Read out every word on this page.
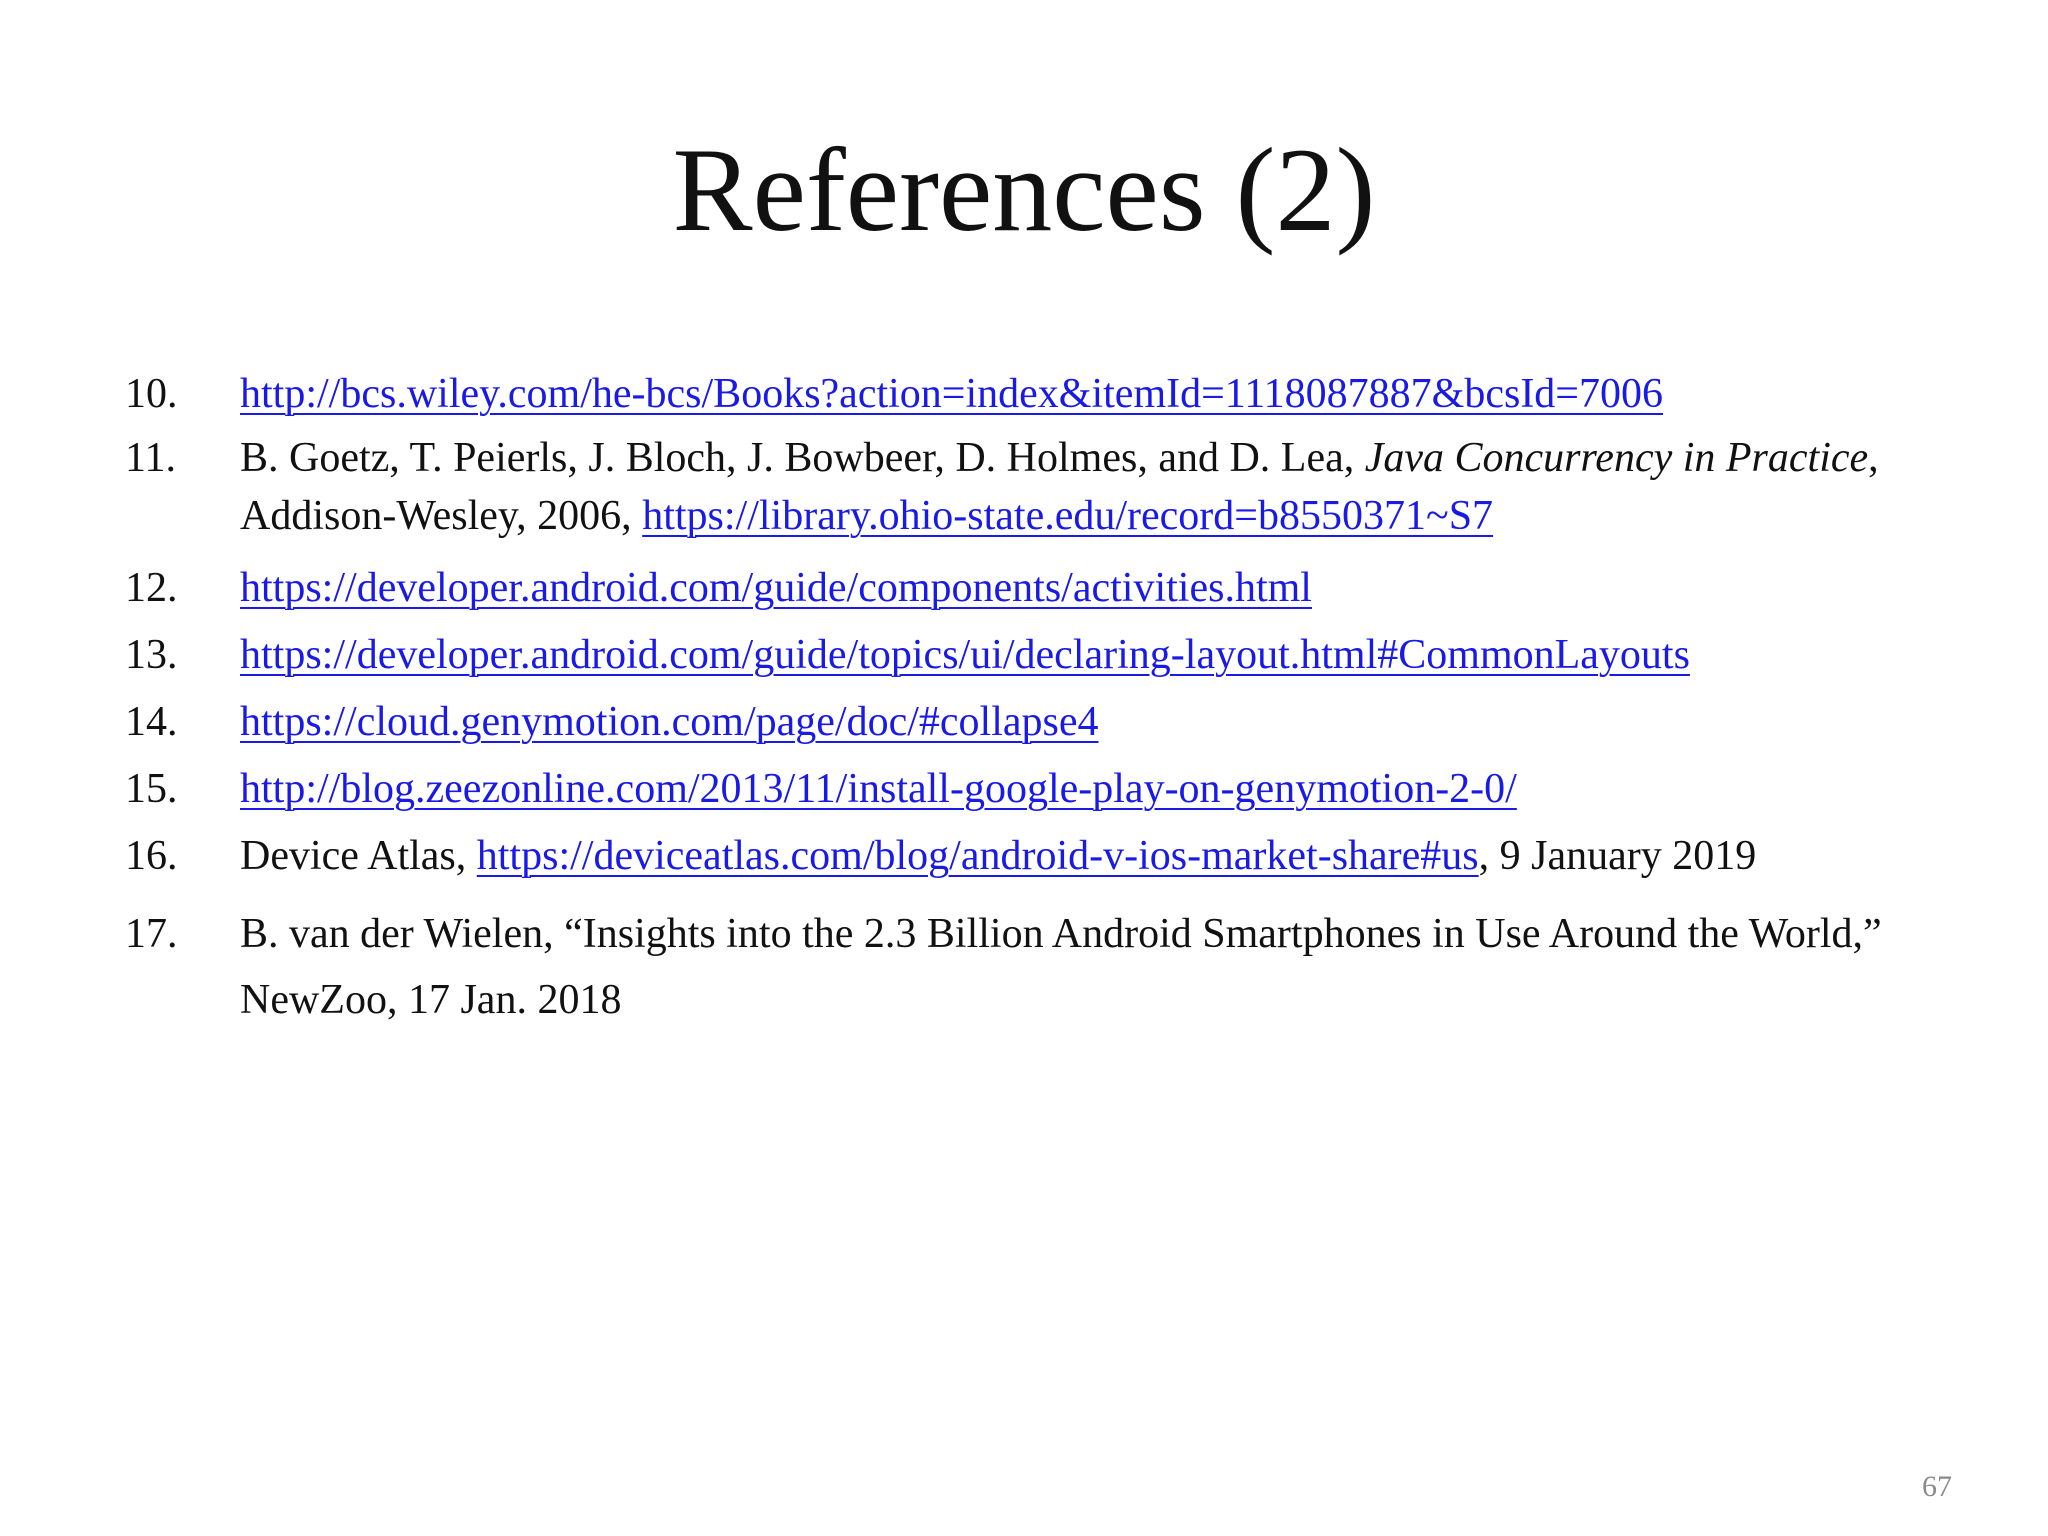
References (2)
10. http://bcs.wiley.com/he-bcs/Books?action=index&itemId=1118087887&bcsId=7006
11. B. Goetz, T. Peierls, J. Bloch, J. Bowbeer, D. Holmes, and D. Lea, Java Concurrency in Practice, Addison-Wesley, 2006, https://library.ohio-state.edu/record=b8550371~S7
12. https://developer.android.com/guide/components/activities.html
13. https://developer.android.com/guide/topics/ui/declaring-layout.html#CommonLayouts
14. https://cloud.genymotion.com/page/doc/#collapse4
15. http://blog.zeezonline.com/2013/11/install-google-play-on-genymotion-2-0/
16. Device Atlas, https://deviceatlas.com/blog/android-v-ios-market-share#us, 9 January 2019
17. B. van der Wielen, “Insights into the 2.3 Billion Android Smartphones in Use Around the World,” NewZoo, 17 Jan. 2018
67
